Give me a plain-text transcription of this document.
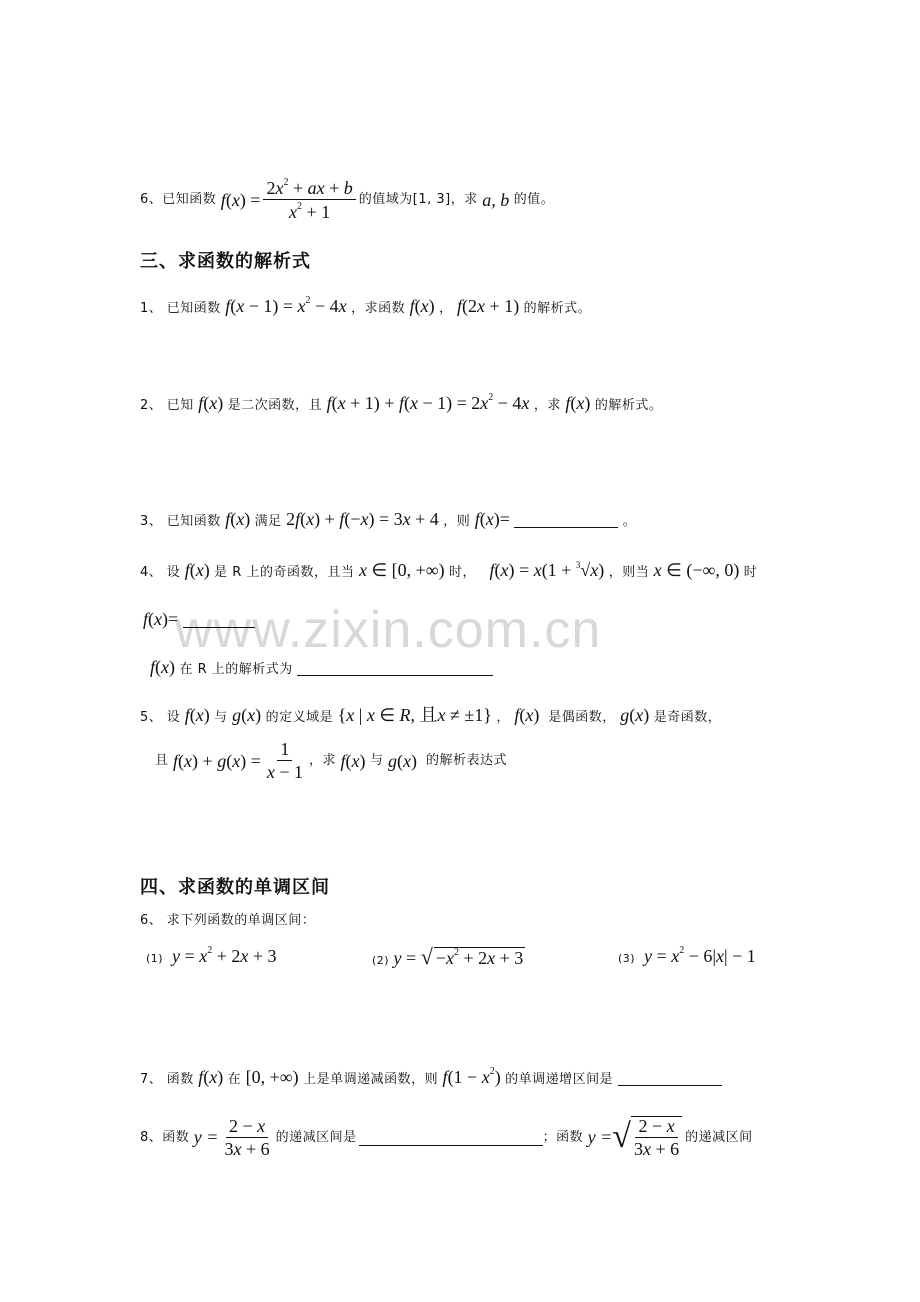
www.zixin.com.cn
6、 已知函数 $f(x) = \frac{2x^2 + ax + b}{x^2 + 1}$ 的值域为[1, 3]，求 a, b 的值。
三、求函数的解析式
1、 已知函数 $f(x - 1) = x^2 - 4x$ ，求函数 f(x) ， f(2x + 1) 的解析式。
2、 已知 f(x) 是二次函数，且 $f(x + 1) + f(x - 1) = 2x^2 - 4x$ ，求 f(x) 的解析式。
3、 已知函数 f(x) 满足 2f(x) + f(−x) = 3x + 4 ，则 f(x)=	。
4、 设 f(x) 是 R 上的奇函数，且当 x ∈ [0, +∞) 时， f(x) = x(1 + $^3$√x) ，则当 x ∈ (−∞, 0) 时
f(x)=
f(x) 在 R 上的解析式为
5、 设 f(x) 与 g(x) 的定义域是 {x | x ∈ R, 且x ≠ ±1} ， f(x)  是偶函数， g(x) 是奇函数，
且 $f(x) + g(x) = \frac{1}{x - 1}$ ，求 f(x) 与 g(x) 的解析表达式
四、求函数的单调区间
6、 求下列函数的单调区间：
(1) $y = x^2 + 2x + 3$	(2) y = √ $-x^2 + 2x + 3$	(3) $y = x^2 - 6|x| - 1$
7、 函数 f(x) 在 [0, +∞) 上是单调递减函数，则 $f(1 - x^2)$ 的单调递增区间是
8、 函数 $y = \frac{2 - x}{3x + 6}$ 的递减区间是	；函数 y = √ $\frac{2 - x}{3x + 6}$ 的递减区间
